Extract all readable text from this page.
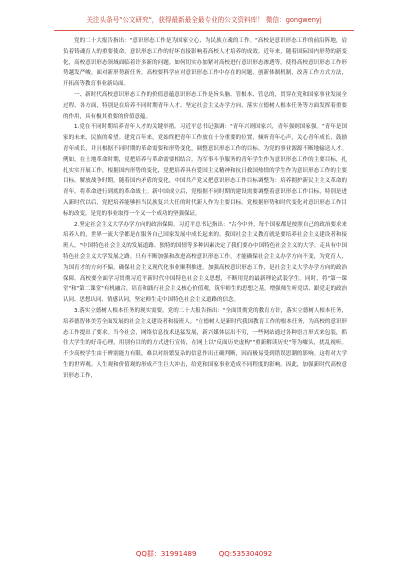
关注头条号"公文研究"，获得最新最全最专业的公文资料库！ 微信：gongwenyj

党的二十大报告指出："意识形态工作是为国家立心、为民族立魂的工作。"高校是意识形态工作的前沿阵地，肩负着铸魂育人的重要使命。意识形态工作的好坏直接影响着高校人才培养的成效。近年来，随着国际国内形势的新变化，高校意识形态领域面临着许多新的问题。如何切实办加紧对高校进行意识形态渗透等。使得高校意识形态工作形势越发严峻。面对新形势新任务，高校要科学应对意识形态工作中存在的问题，创新体制机制，改善工作方式方法，开拓高等教育事业新局面。

一、新时代高校意识形态工作的价值意蕴意识形态工作是旨头脑、管根本、管总的，贯穿在党和国家事业发展全过程、各方面，特别是在培养不同时期青年人才、坚定社会主义办学方向、落实立德树人根本任务等方面发挥着重要的作用，具有极其重要的价值意蕴。

1.党在不同时期培养青年人才的关键举措。习近平总书记强调："青年兴则国家兴，青年强则国家强。"青年是国家的未来，民族的希望。建党百年来，党始终把青年工作放在十分重要的位置，倾听青年心声，关心青年成长，鼓励青年成长，并且根据不同时期的革命需要和形势变化，调整意识形态工作的目标。为党的事业源源不断地输送人才。例如，在土地革命时期，党把培养与革命需要相结合，为军事斗争服务的青年学生作为意识形态工作的主要目标，扎扎实实开展工作，根据国内形势的变化，党把培养具有爱国主义精神和抗日救国热情的学生作为意识形态工作的主要目标。解放战争时期，随着国内矛盾的变化，中国共产党又把意识形态工作目标调整为：培养拥护新民主主义革命的青年，将革命进行到底的革命战士。新中国成立后，党根据不同时期的建设需要调整着意识形态工作目标，特别是进入新时代以后，党把培养能够担当民族复兴大任的时代新人作为主要目标。党根据形势和时代变化对意识形态工作目标的改变，是党的事业取得一个又一个成功的坚强保证。

2.坚定社会主义大学办学方向的政治保障。习近平总书记指出："古今中外，每个国家都是按照自己的政治要求来培养人的，世界一流大学都是在服务自己国家发展中成长起来的。我国社会主义教育就是要培养社会主义建设者和接班人。"中国特色社会主义的发展道路、独特的国情等多种因素决定了我们要办中国特色社会主义的大学。走具有中国特色社会主义大学发展之路。只有不断加强和改进高校意识形态工作，才能确保社会主义办学方向不变，为党育人、为国育才的方向不偏，确保社会主义现代化事业顺利推进。加强高校意识形态工作，是社会主义大学办学方向的政治保障。高校要全面学习贯彻习近平新时代中国特色社会主义思想，不断用党的最新理论武装学生。同时，将"第一课堂"和"第二课堂"有机融合，培育和践行社会主义核心价值观，筑牢师生的思想之基，增强师生听党话、跟党走的政治认同、思想认同、情感认同，坚定师生走中国特色社会主义道路的信念。

3.落实立德树人根本任务的现实需要。党的二十大报告指出："全面贯彻党的教育方针，落实立德树人根本任务，培养德智体美劳全面发展的社会主义建设者和接班人。"立德树人是新时代我国教育工作的根本任务，为高校的意识形态工作提出了要求。当今社会，网络信息技术迅猛发展，新兴媒体层出不穷，一些网站通过各种语言形式来包装，抓住大学生的好奇心理，用别有目的的方式进行宣传，在网上以"反面历史虚构""重新解读历史"等为噱头，扰乱视听。不少高校学生由于辨别能力有限，难以对纷繁复杂的信息作出正确判断，因而极易受到错误思潮的影响。这将对大学生的世界观、人生观和价值观的形成产生巨大冲击，给党和国家事业造成不同程度的影响。因此，加强新时代高校意识形态工作，

QQ群：31991489	QQ:535304092
